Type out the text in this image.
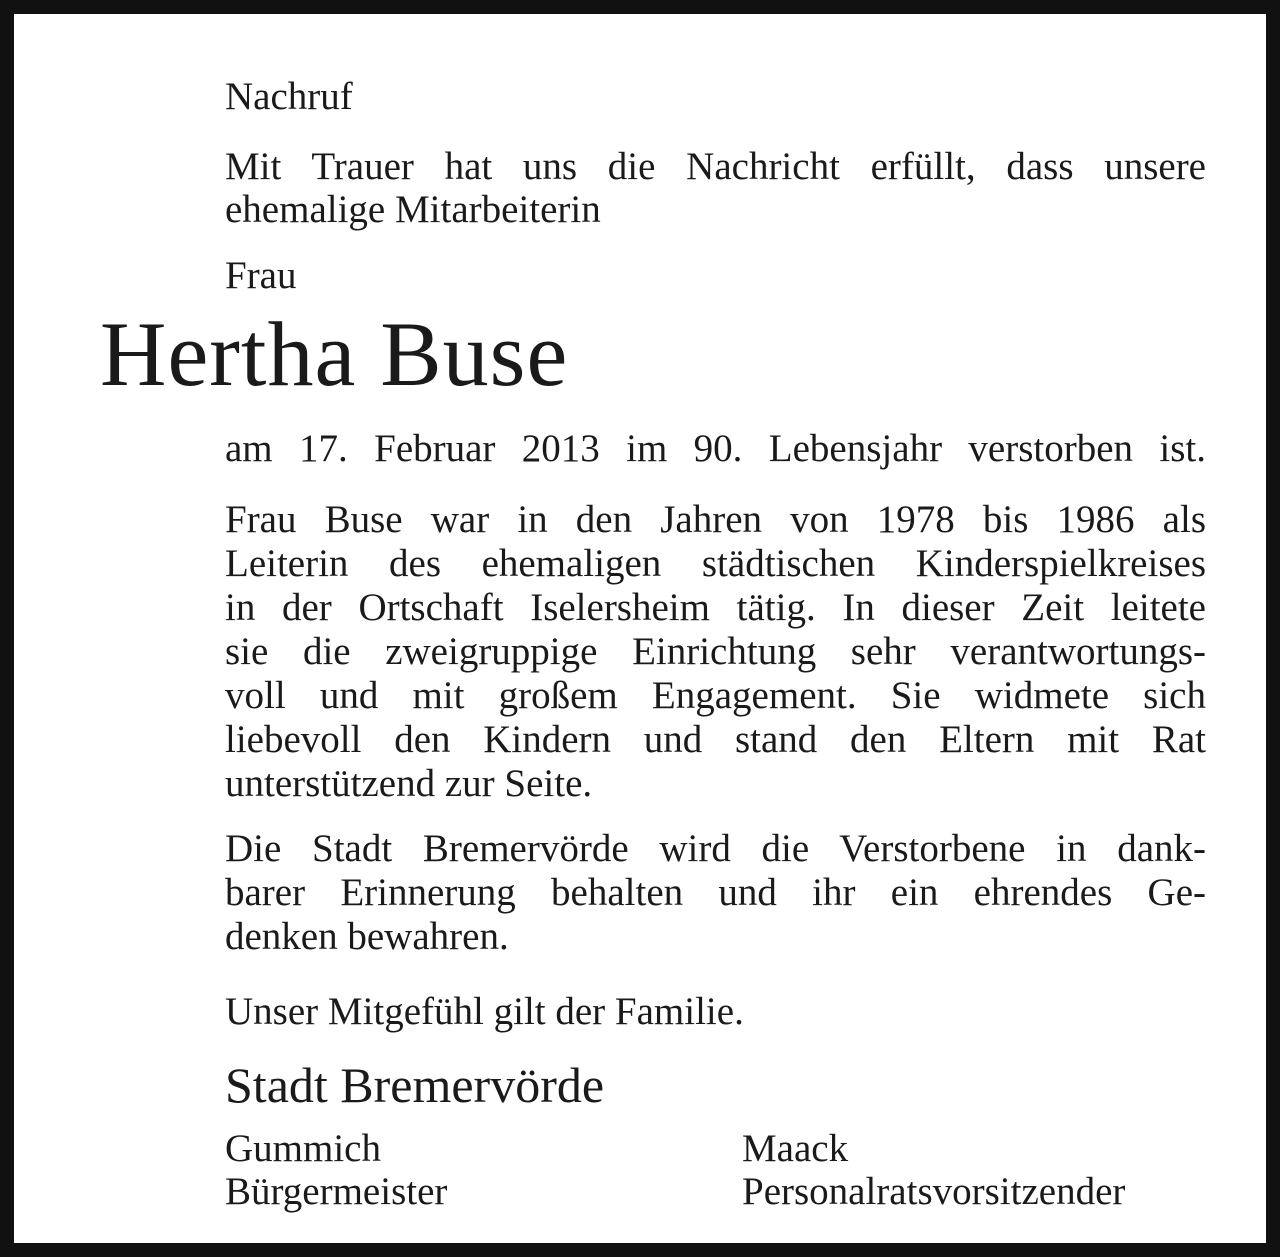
Nachruf

Mit Trauer hat uns die Nachricht erfüllt, dass unsere

ehemalige Mitarbeiterin

Frau

Hertha Buse

am 17. Februar 2013 im 90. Lebensjahr verstorben ist.

Frau Buse war in den Jahren von 1978 bis 1986 als

Leiterin des ehemaligen städtischen Kinderspielkreises

in der Ortschaft Iselersheim tätig. In dieser Zeit leitete

sie die zweigruppige Einrichtung sehr verantwortungs-

voll und mit großem Engagement. Sie widmete sich

liebevoll den Kindern und stand den Eltern mit Rat

unterstützend zur Seite.

Die Stadt Bremervörde wird die Verstorbene in dank-

barer Erinnerung behalten und ihr ein ehrendes Ge-

denken bewahren.

Unser Mitgefühl gilt der Familie.

Stadt Bremervörde

Gummich

Bürgermeister

Maack

Personalratsvorsitzender
